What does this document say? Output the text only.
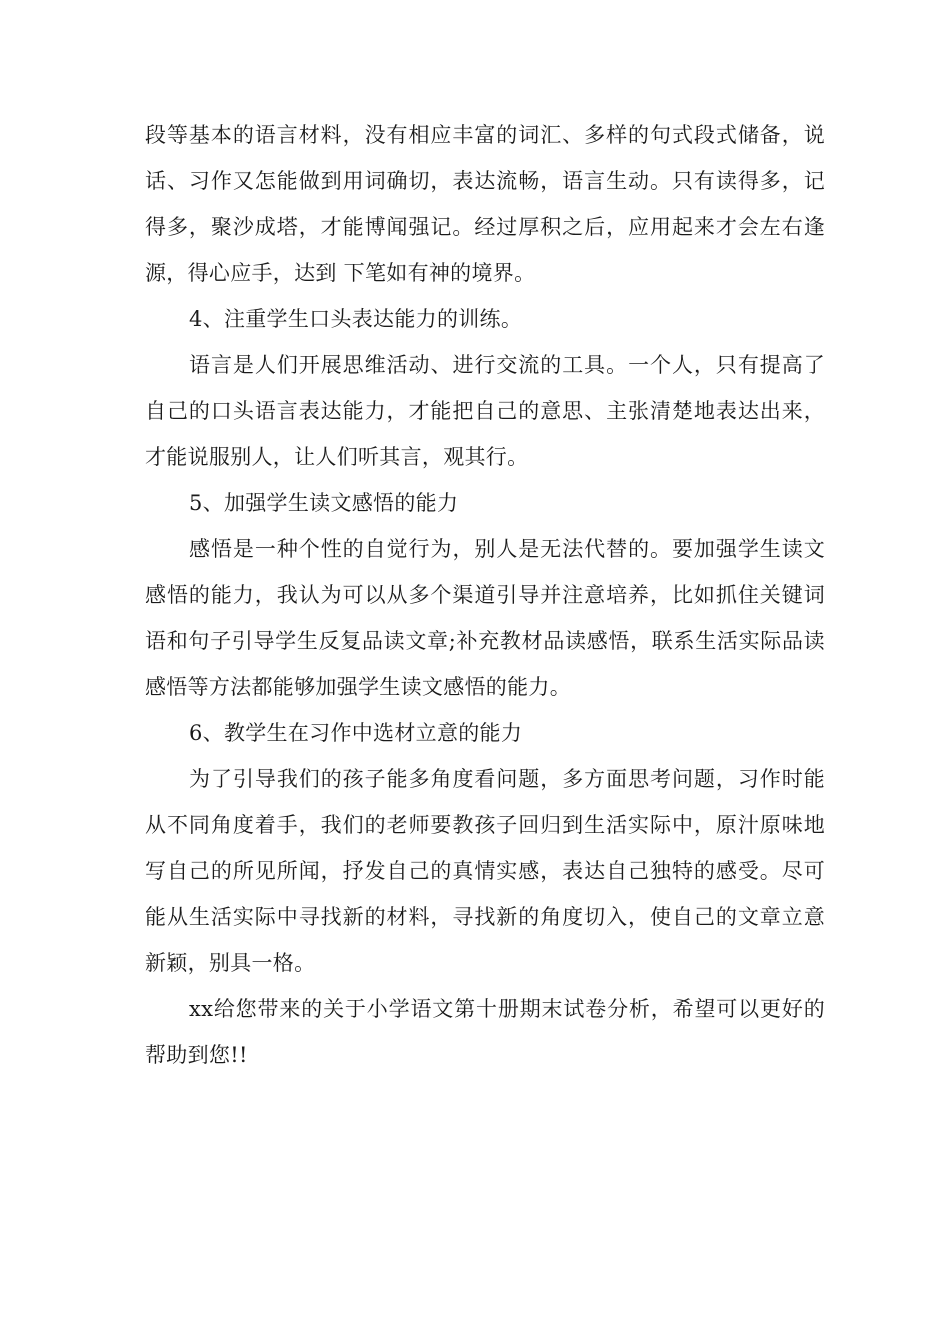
段等基本的语言材料，没有相应丰富的词汇、多样的句式段式储备，说话、习作又怎能做到用词确切，表达流畅，语言生动。只有读得多，记得多，聚沙成塔，才能博闻强记。经过厚积之后，应用起来才会左右逢源，得心应手，达到 下笔如有神的境界。

4、注重学生口头表达能力的训练。

语言是人们开展思维活动、进行交流的工具。一个人，只有提高了自己的口头语言表达能力，才能把自己的意思、主张清楚地表达出来，才能说服别人，让人们听其言，观其行。

5、加强学生读文感悟的能力

感悟是一种个性的自觉行为，别人是无法代替的。要加强学生读文感悟的能力，我认为可以从多个渠道引导并注意培养，比如抓住关键词语和句子引导学生反复品读文章;补充教材品读感悟，联系生活实际品读感悟等方法都能够加强学生读文感悟的能力。

6、教学生在习作中选材立意的能力

为了引导我们的孩子能多角度看问题，多方面思考问题，习作时能从不同角度着手，我们的老师要教孩子回归到生活实际中，原汁原味地写自己的所见所闻，抒发自己的真情实感，表达自己独特的感受。尽可能从生活实际中寻找新的材料，寻找新的角度切入，使自己的文章立意新颖，别具一格。

xx给您带来的关于小学语文第十册期末试卷分析，希望可以更好的帮助到您!!
